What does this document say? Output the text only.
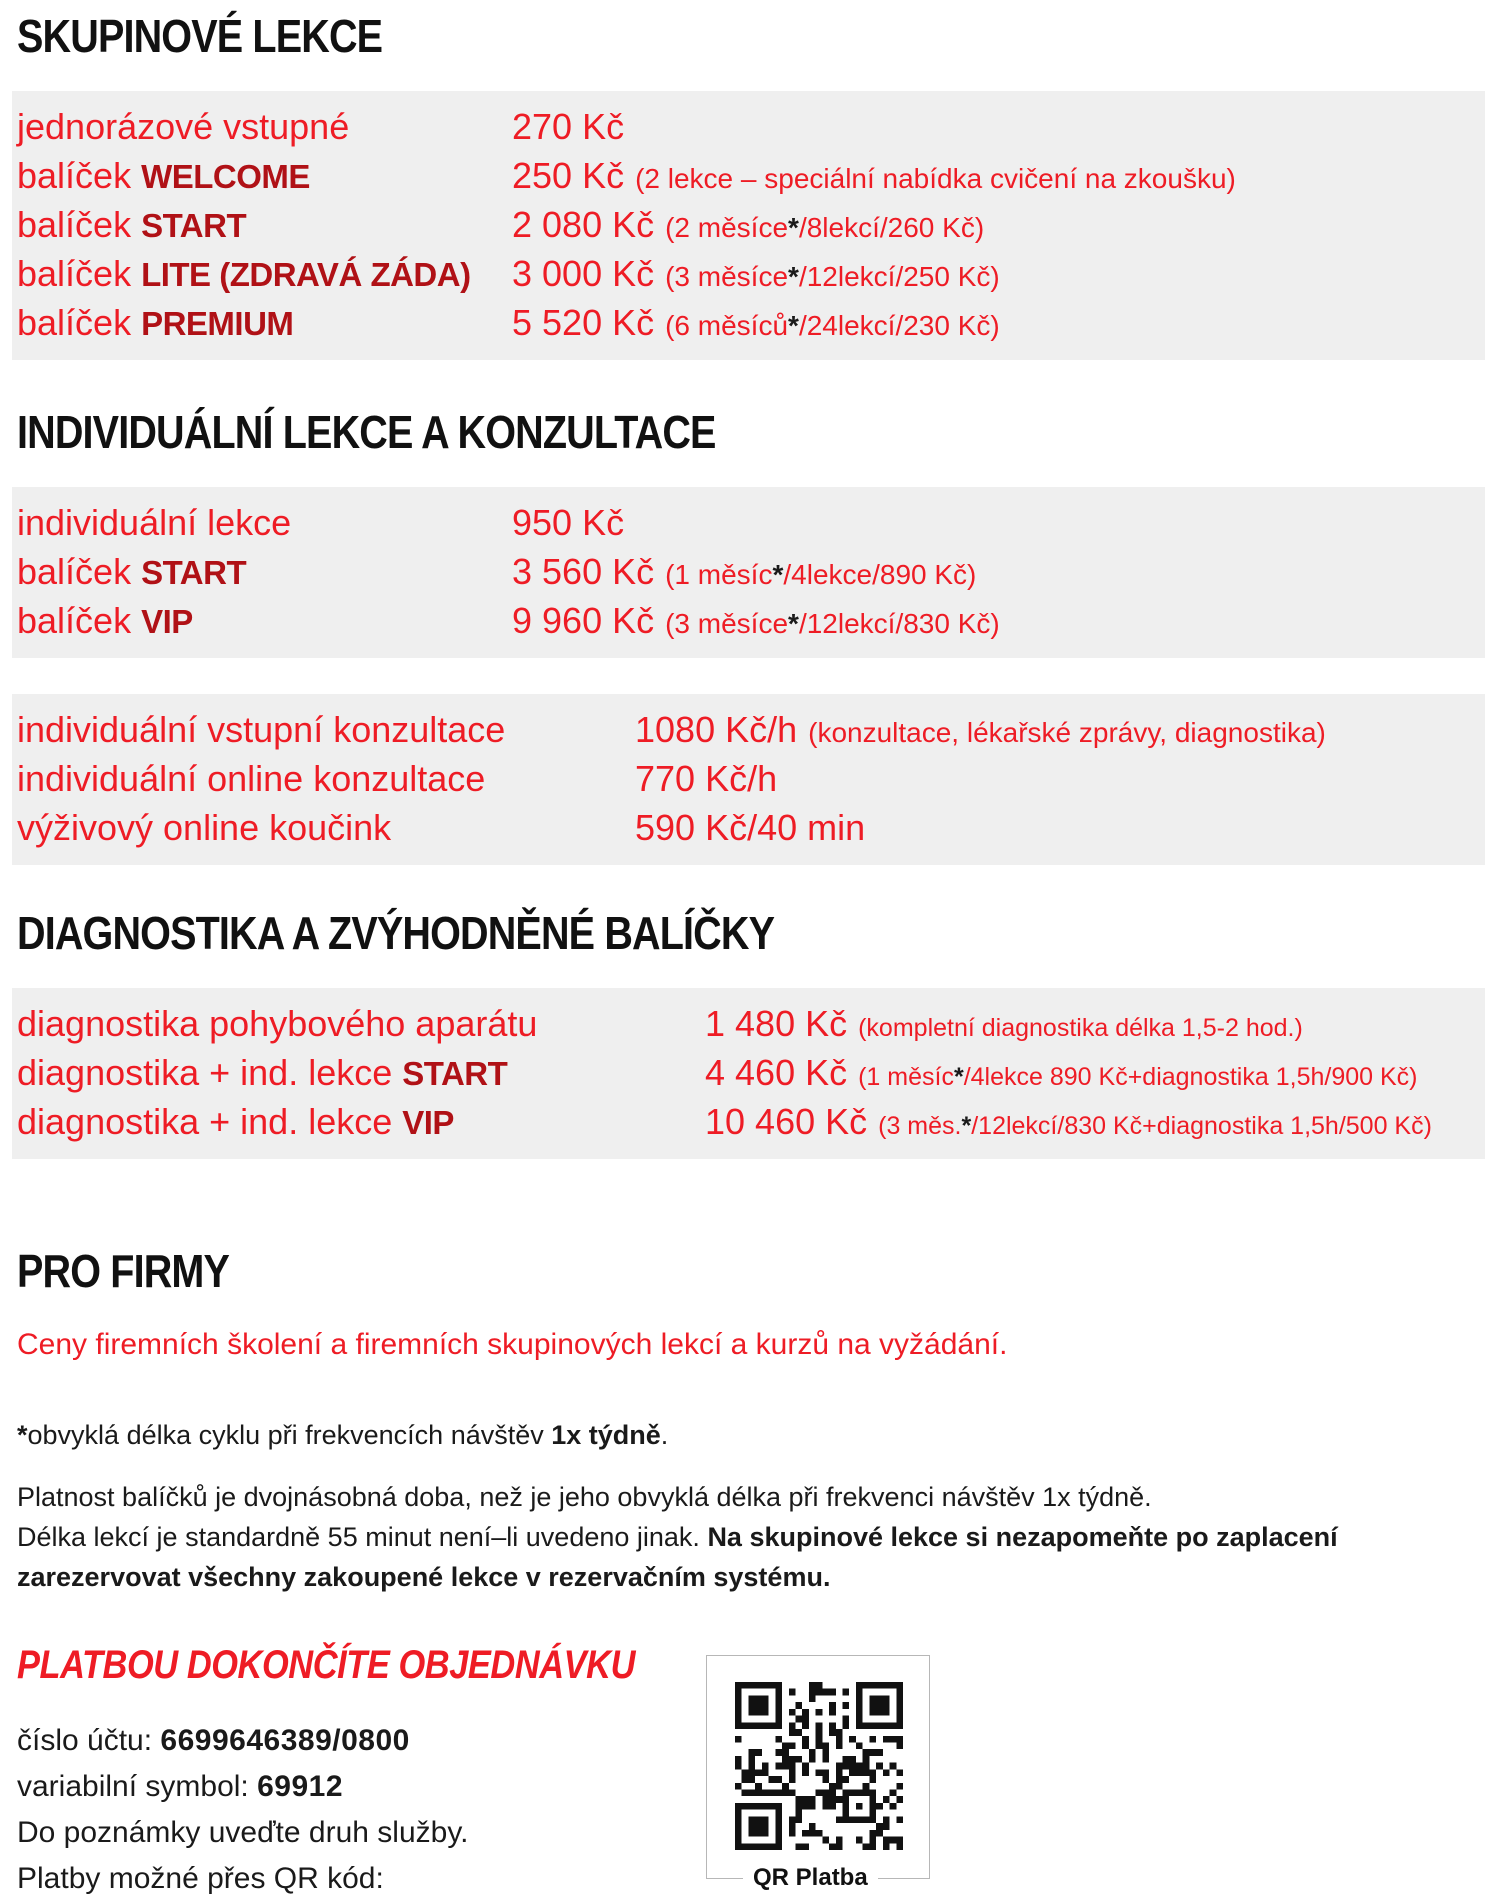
SKUPINOVÉ LEKCE
jednorázové vstupné	270 Kč
balíček WELCOME	250 Kč (2 lekce – speciální nabídka cvičení na zkoušku)
balíček START	2 080 Kč (2 měsíce*/8lekcí/260 Kč)
balíček LITE (ZDRAVÁ ZÁDA)	3 000 Kč (3 měsíce*/12lekcí/250 Kč)
balíček PREMIUM	5 520 Kč (6 měsíců*/24lekcí/230 Kč)
INDIVIDUÁLNÍ LEKCE A KONZULTACE
individuální lekce	950 Kč
balíček START	3 560 Kč (1 měsíc*/4lekce/890 Kč)
balíček VIP	9 960 Kč (3 měsíce*/12lekcí/830 Kč)
individuální vstupní konzultace	1080 Kč/h (konzultace, lékařské zprávy, diagnostika)
individuální online konzultace	770 Kč/h
výživový online koučink	590 Kč/40 min
DIAGNOSTIKA A ZVÝHODNĚNÉ BALÍČKY
diagnostika pohybového aparátu	1 480 Kč (kompletní diagnostika délka 1,5-2 hod.)
diagnostika + ind. lekce START	4 460 Kč (1 měsíc*/4lekce 890 Kč+diagnostika 1,5h/900 Kč)
diagnostika + ind. lekce VIP	10 460 Kč (3 měs.*/12lekcí/830 Kč+diagnostika 1,5h/500 Kč)
PRO FIRMY

Ceny firemních školení a firemních skupinových lekcí a kurzů na vyžádání.

*obvyklá délka cyklu při frekvencích návštěv 1x týdně.

Platnost balíčků je dvojnásobná doba, než je jeho obvyklá délka při frekvenci návštěv 1x týdně.
Délka lekcí je standardně 55 minut není–li uvedeno jinak. Na skupinové lekce si nezapomeňte po zaplacení zarezervovat všechny zakoupené lekce v rezervačním systému.

PLATBOU DOKONČÍTE OBJEDNÁVKU
číslo účtu: 6699646389/0800
variabilní symbol: 69912
Do poznámky uveďte druh služby.
Platby možné přes QR kód:	QR Platba
